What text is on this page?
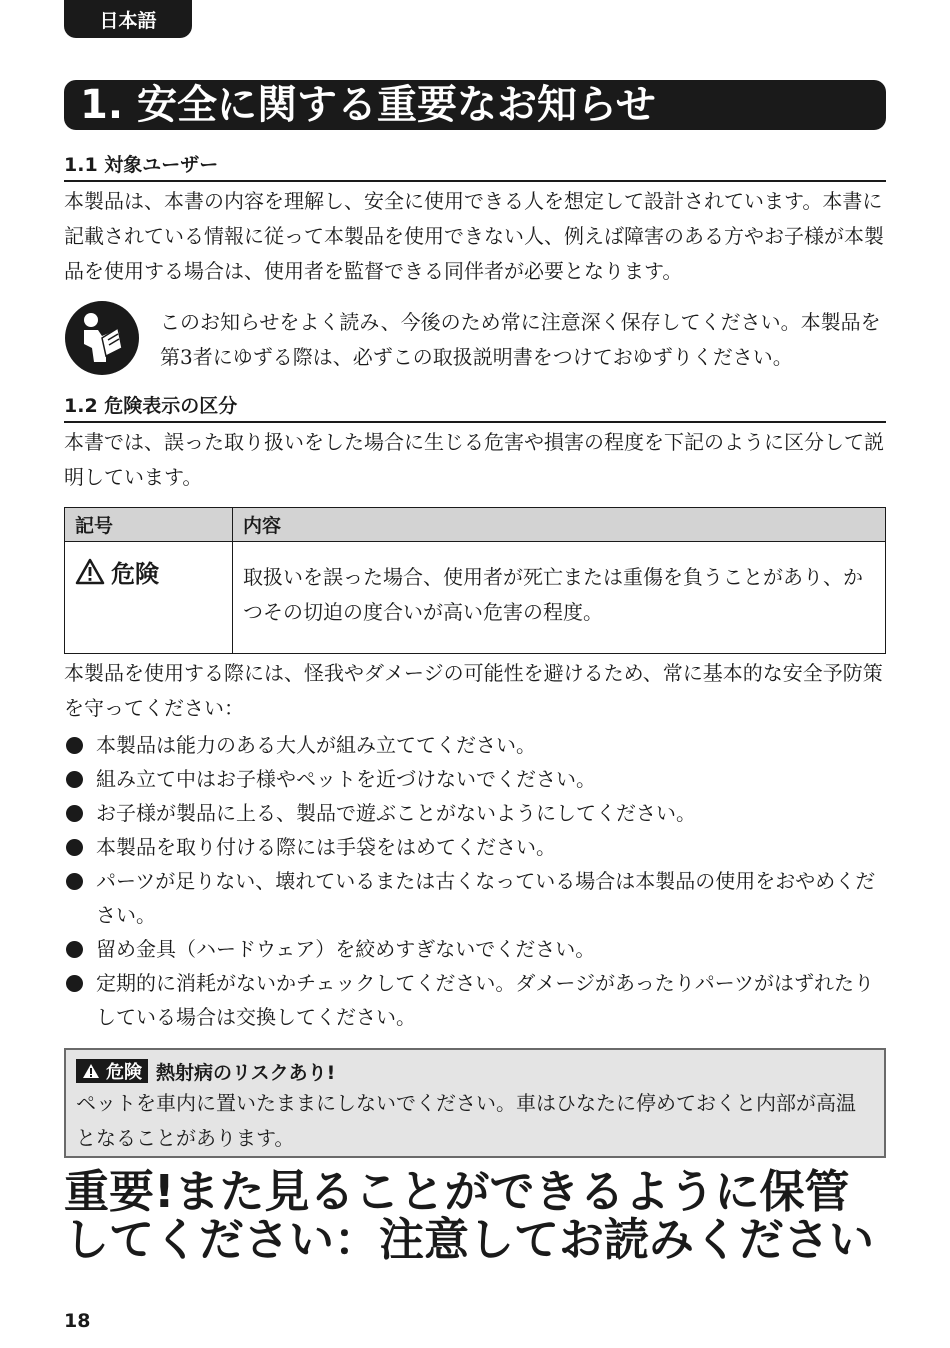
日本語
1. 安全に関する重要なお知らせ
1.1 対象ユーザー

本製品は、本書の内容を理解し、安全に使用できる人を想定して設計されています。本書に記載されている情報に従って本製品を使用できない人、例えば障害のある方やお子様が本製品を使用する場合は、使用者を監督できる同伴者が必要となります。

このお知らせをよく読み、今後のため常に注意深く保存してください。本製品を第3者にゆずる際は、必ずこの取扱説明書をつけておゆずりください。

1.2 危険表示の区分

本書では、誤った取り扱いをした場合に生じる危害や損害の程度を下記のように区分して説明しています。

記号	内容

危険	取扱いを誤った場合、使用者が死亡または重傷を負うことがあり、かつその切迫の度合いが高い危害の程度。

本製品を使用する際には、怪我やダメージの可能性を避けるため、常に基本的な安全予防策を守ってください：

本製品は能力のある大人が組み立ててください。
組み立て中はお子様やペットを近づけないでください。
お子様が製品に上る、製品で遊ぶことがないようにしてください。
本製品を取り付ける際には手袋をはめてください。
パーツが足りない、壊れているまたは古くなっている場合は本製品の使用をおやめください。
留め金具（ハードウェア）を絞めすぎないでください。
定期的に消耗がないかチェックしてください。ダメージがあったりパーツがはずれたりしている場合は交換してください。
危険 熱射病のリスクあり!
ペットを車内に置いたままにしないでください。車はひなたに停めておくと内部が高温となることがあります。
重要!また見ることができるように保管してください：注意してお読みください
18
